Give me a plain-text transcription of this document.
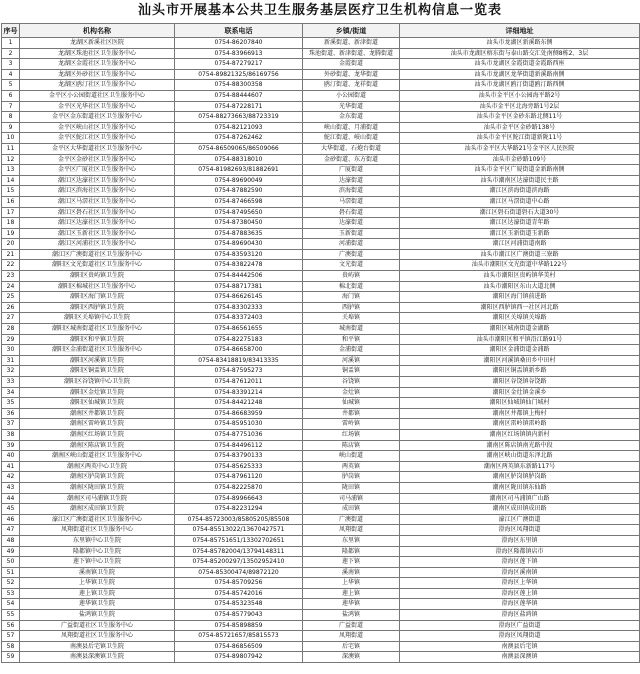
汕头市开展基本公共卫生服务基层医疗卫生机构信息一览表
序号	机构名称	联系电话	乡镇/街道	详细地址
1	龙湖区新溪社区医院	0754-86207840	新溪街道、新津街道	汕头市龙湖区新溪路东侧
2	龙湖区珠池社区卫生服务中心	0754-83966913	珠池街道、新津街道、龙腾街道	汕头市龙湖区榕东街与泰山路交汇处南侧8栋2、3层
3	龙湖区金霞社区卫生服务中心	0754-87279217	金霞街道	汕头市龙湖区金霞街道金霞路西座
4	龙湖区外砂社区卫生服务中心	0754-89821325/86169756	外砂街道、龙华街道	汕头市龙湖区龙华街道新溪路南侧
5	龙湖区鸥汀社区卫生服务中心	0754-88300358	鸥汀街道、龙祥街道	汕头市龙湖区鸥汀街道鸥汀路西侧
6	金平区小公园街道社区卫生服务中心	0754-88444607	小公园街道	汕头市金平区小公园海平路2号
7	金平区光华社区卫生服务中心	0754-87228171	光华街道	汕头市金平区北海旁路1号2层
8	金平区金东街道社区卫生服务中心	0754-88273663/88723319	金东街道	汕头市金平区金砂东路北侧11号
9	金平区峡山社区卫生服务中心	0754-82121093	峡山街道、月浦街道	汕头市金平区金砂路138号
10	金平区鮀江社区卫生服务中心	0754-87262462	鮀江街道、岐山街道	汕头市金平区鮀江街道新陇11号
11	金平区大华街道社区卫生服务中心	0754-86509065/86509066	大华街道、石炮台街道	汕头市金平区大华路21号金平区人民医院
12	金平区金砂社区卫生服务中心	0754-88318010	金砂街道、东方街道	汕头市金砂路109号
13	金平区广厦社区卫生服务中心	0754-81982693/81882691	广厦街道	汕头市金平区广厦街道金新路南侧
14	潮江区达濠社区卫生服务中心	0754-89690049	达濠街道	汕头市潮南区达濠街道民主路
15	潮江区滨海社区卫生服务中心	0754-87882590	滨海街道	潮江区滨海街道滨海路
16	潮江区马滘社区卫生服务中心	0754-87466598	马滘街道	潮江区马滘街道中心路
17	潮江区礐石社区卫生服务中心	0754-87495650	礐石街道	潮江区礐石街道礐石大道30号
18	潮江区达濠社区卫生服务中心	0754-87380450	达濠街道	潮江区达濠街道青年路
19	潮江区玉新社区卫生服务中心	0754-87883635	玉新街道	潮江区玉新街道玉新路
20	潮江区河浦社区卫生服务中心	0754-89690430	河浦街道	潮江区河浦街道南路
21	潮江区广澳街道社区卫生服务中心	0754-83593120	广澳街道	汕头市潮江区广澳街道三寮路
22	潮阳区文光街道社区卫生服务中心	0754-83822478	文光街道	汕头市潮阳区文光街道中华路122号
23	潮阳区贵屿镇卫生院	0754-84442506	贵屿镇	汕头市潮阳区贵屿镇华美村
24	潮阳区棉城社区卫生服务中心	0754-88717381	棉北街道	汕头市潮阳区东山大道北侧
25	潮阳区海门镇卫生院	0754-86626145	海门镇	潮阳区海门镇前进路
26	潮阳区西胪镇卫生院	0754-83302333	西胪镇	潮阳区西胪镇西一社区河北路
27	潮阳区关埠镇中心卫生院	0754-83372403	关埠镇	潮阳区关埠镇关埠路
28	潮阳区城南街道社区卫生服务中心	0754-86561655	城南街道	潮阳区城南街道金湖路
29	潮阳区和平镇卫生院	0754-82275183	和平镇	汕头市潮阳区和平镇沿江路91号
30	潮阳区金浦街道社区卫生服务中心	0754-86658700	金浦街道	潮阳区金浦街道金浦路
31	潮阳区河溪镇卫生院	0754-83418819/83413335	河溪镇	潮阳区河溪镇桑田乡中田村
32	潮阳区铜盂镇卫生院	0754-87595273	铜盂镇	潮阳区铜盂镇新乡路
33	潮阳区谷饶镇中心卫生院	0754-87612011	谷饶镇	潮阳区谷饶镇谷饶路
34	潮阳区金灶镇卫生院	0754-83391214	金灶镇	潮阳区金灶镇金溪乡
35	潮阳区仙城镇卫生院	0754-84421248	仙城镇	潮阳区仙城镇仙门城村
36	潮南区井都镇卫生院	0754-86683959	井都镇	潮南区井都镇上梅村
37	潮南区雷岭镇卫生院	0754-85951030	雷岭镇	潮南区雷岭镇雷岭路
38	潮南区红场镇卫生院	0754-87751036	红场镇	潮南区红场镇镇内新村
39	潮南区陈店镇卫生院	0754-84496112	陈店镇	潮南区陈店镇南光路中段
40	潮南区峡山街道社区卫生服务中心	0754-83790133	峡山街道	潮南区峡山街道东泽北路
41	潮南区两英中心卫生院	0754-85625333	两英镇	潮南区两英镇东新路117号
42	潮南区胪岗镇卫生院	0754-87961120	胪岗镇	潮南区胪岗镇胪岗路
43	潮南区陇田镇卫生院	0754-82225870	陇田镇	潮南区陇田镇东仙路
44	潮南区司马浦镇卫生院	0754-89966643	司马浦镇	潮南区司马浦镇广山路
45	潮南区成田镇卫生院	0754-82231294	成田镇	潮南区成田镇成田路
46	濠江区广澳街道社区卫生服务中心	0754-85723003/85805205/85508	广澳街道	濠江区广澳街道
47	凤翔街道社区卫生服务中心	0754-85513022/13670427571	凤翔街道	澄海区凤翔街道
48	东里镇中心卫生院	0754-85751651/13302702651	东里镇	澄海区东里镇
49	隆都镇中心卫生院	0754-85782004/13794148311	隆都镇	澄海区隆都镇店市
50	莲下镇中心卫生院	0754-85200297/13502952410	莲下镇	澄海区莲下镇
51	溪南镇卫生院	0754-85300474/89872120	溪南镇	澄海区溪南镇
52	上华镇卫生院	0754-85709256	上华镇	澄海区上华镇
53	莲上镇卫生院	0754-85742016	莲上镇	澄海区莲上镇
54	莲华镇卫生院	0754-85323548	莲华镇	澄海区莲华镇
55	盐鸿镇卫生院	0754-85779043	盐鸿镇	澄海区盐鸿镇
56	广益街道社区卫生服务中心	0754-85898859	广益街道	澄海区广益街道
57	凤翔街道社区卫生服务中心	0754-85721657/85815573	凤翔街道	澄海区凤翔街道
58	南澳县后宅镇卫生院	0754-86856509	后宅镇	南澳县后宅镇
59	南澳县深澳镇卫生院	0754-89807942	深澳镇	南澳县深澳镇
